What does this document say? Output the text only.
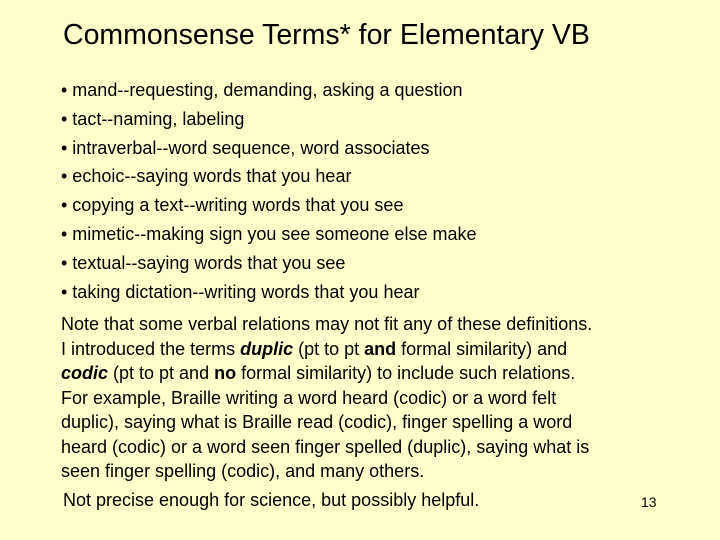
Commonsense Terms* for Elementary VB
• mand--requesting, demanding, asking a question
• tact--naming, labeling
• intraverbal--word sequence, word associates
• echoic--saying words that you hear
• copying a text--writing words that you see
• mimetic--making sign you see someone else make
• textual--saying words that you see
• taking dictation--writing words that you hear
Note that some verbal relations may not fit any of these definitions.
I introduced the terms duplic (pt to pt and formal similarity) and
codic (pt to pt and no formal similarity) to include such relations.
For example, Braille writing a word heard (codic) or a word felt
duplic), saying what is Braille read (codic), finger spelling a word
heard (codic) or a word seen finger spelled (duplic), saying what is
seen finger spelling (codic), and many others.
Not precise enough for science, but possibly helpful.	13
